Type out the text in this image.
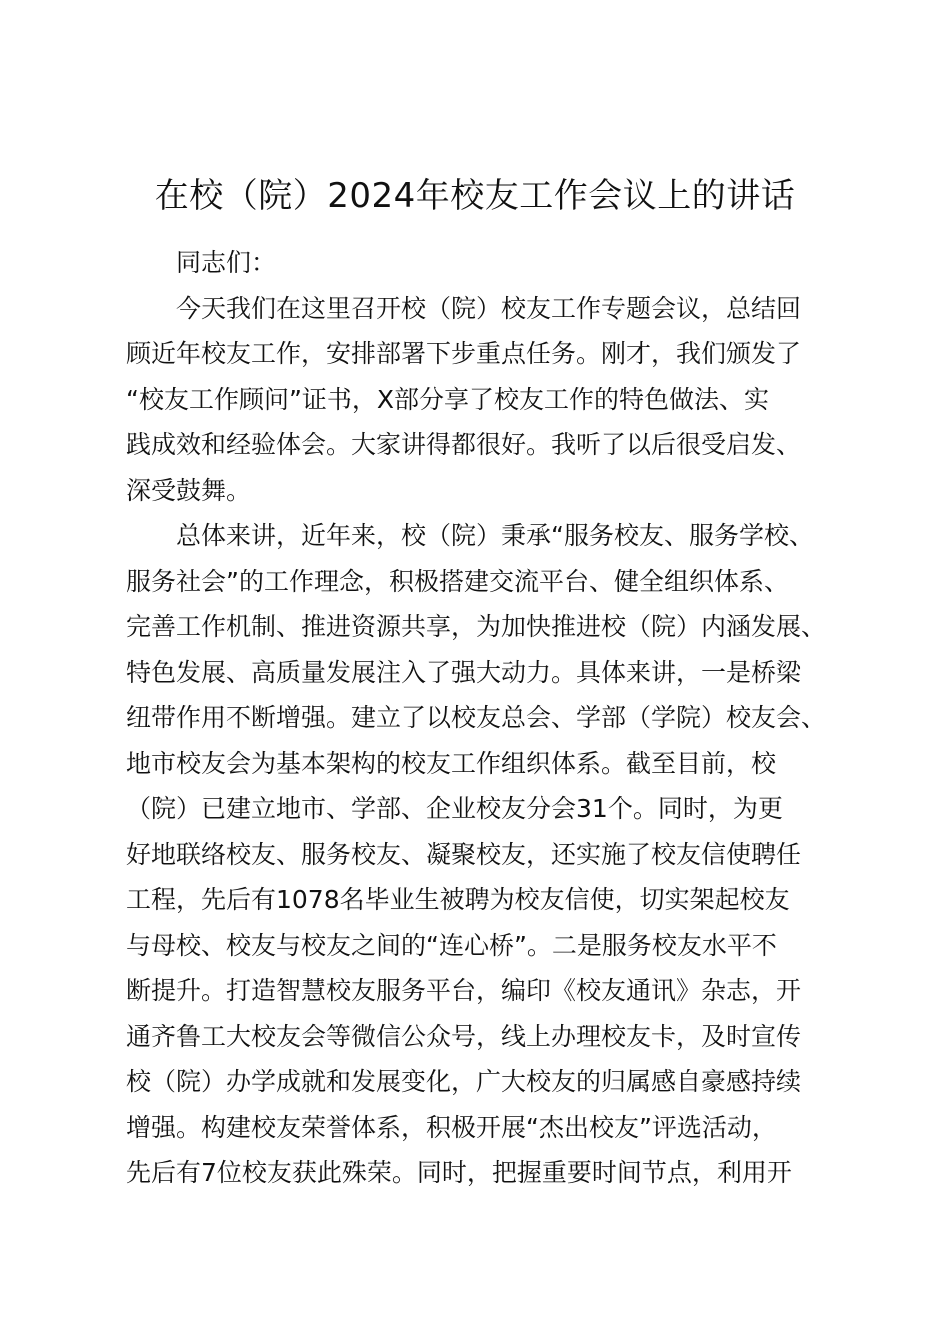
在校（院）2024年校友工作会议上的讲话
同志们：
今天我们在这里召开校（院）校友工作专题会议，总结回
顾近年校友工作，安排部署下步重点任务。刚才，我们颁发了
“校友工作顾问”证书，X部分享了校友工作的特色做法、实
践成效和经验体会。大家讲得都很好。我听了以后很受启发、
深受鼓舞。
总体来讲，近年来，校（院）秉承“服务校友、服务学校、
服务社会”的工作理念，积极搭建交流平台、健全组织体系、
完善工作机制、推进资源共享，为加快推进校（院）内涵发展、
特色发展、高质量发展注入了强大动力。具体来讲，一是桥梁
纽带作用不断增强。建立了以校友总会、学部（学院）校友会、
地市校友会为基本架构的校友工作组织体系。截至目前，校
（院）已建立地市、学部、企业校友分会31个。同时，为更
好地联络校友、服务校友、凝聚校友，还实施了校友信使聘任
工程，先后有1078名毕业生被聘为校友信使，切实架起校友
与母校、校友与校友之间的“连心桥”。二是服务校友水平不
断提升。打造智慧校友服务平台，编印《校友通讯》杂志，开
通齐鲁工大校友会等微信公众号，线上办理校友卡，及时宣传
校（院）办学成就和发展变化，广大校友的归属感自豪感持续
增强。构建校友荣誉体系，积极开展“杰出校友”评选活动，
先后有7位校友获此殊荣。同时，把握重要时间节点，利用开
